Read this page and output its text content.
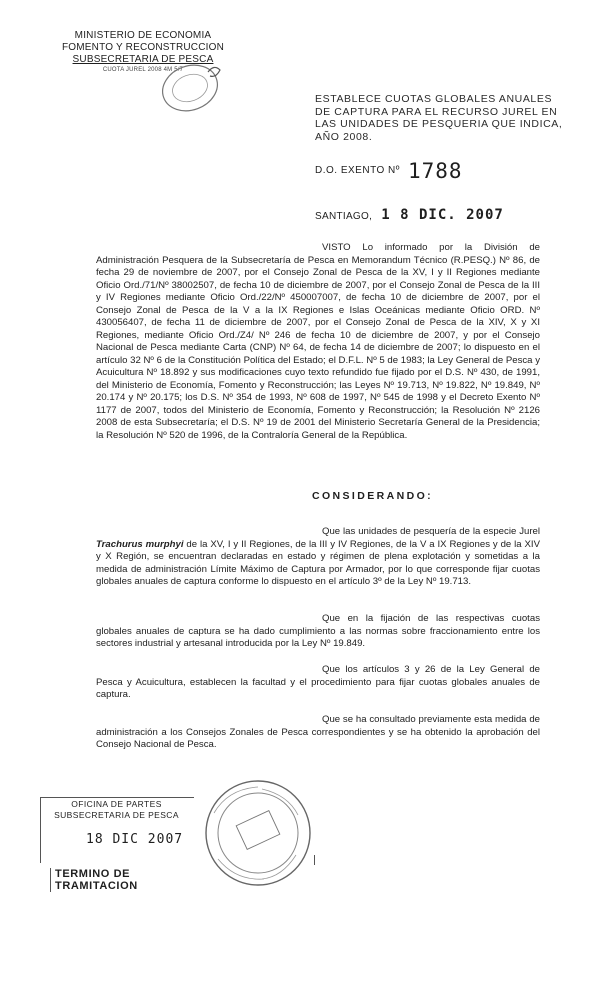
MINISTERIO DE ECONOMIA
FOMENTO Y RECONSTRUCCION
SUBSECRETARIA DE PESCA
CUOTA JUREL 2008 4M 5/7
ESTABLECE CUOTAS GLOBALES ANUALES DE CAPTURA PARA EL RECURSO JUREL EN LAS UNIDADES DE PESQUERIA QUE INDICA, AÑO 2008.
D.O. EXENTO Nº 1788
SANTIAGO, 1 8 DIC. 2007
VISTO Lo informado por la División de Administración Pesquera de la Subsecretaría de Pesca en Memorandum Técnico (R.PESQ.) Nº 86, de fecha 29 de noviembre de 2007, por el Consejo Zonal de Pesca de la XV, I y II Regiones mediante Oficio Ord./71/Nº 38002507, de fecha 10 de diciembre de 2007, por el Consejo Zonal de Pesca de la III y IV Regiones mediante Oficio Ord./22/Nº 450007007, de fecha 10 de diciembre de 2007, por el Consejo Zonal de Pesca de la V a la IX Regiones e Islas Oceánicas mediante Oficio ORD. Nº 430056407, de fecha 11 de diciembre de 2007, por el Consejo Zonal de Pesca de la XIV, X y XI Regiones, mediante Oficio Ord./Z4/ Nº 246 de fecha 10 de diciembre de 2007, y por el Consejo Nacional de Pesca mediante Carta (CNP) Nº 64, de fecha 14 de diciembre de 2007; lo dispuesto en el artículo 32 Nº 6 de la Constitución Política del Estado; el D.F.L. Nº 5 de 1983; la Ley General de Pesca y Acuicultura Nº 18.892 y sus modificaciones cuyo texto refundido fue fijado por el D.S. Nº 430, de 1991, del Ministerio de Economía, Fomento y Reconstrucción; las Leyes Nº 19.713, Nº 19.822, Nº 19.849, Nº 20.174 y Nº 20.175; los D.S. Nº 354 de 1993, Nº 608 de 1997, Nº 545 de 1998 y el Decreto Exento Nº 1177 de 2007, todos del Ministerio de Economía, Fomento y Reconstrucción; la Resolución Nº 2126 2008 de esta Subsecretaría; el D.S. Nº 19 de 2001 del Ministerio Secretaría General de la Presidencia; la Resolución Nº 520 de 1996, de la Contraloría General de la República.
CONSIDERANDO:
Que las unidades de pesquería de la especie Jurel Trachurus murphyi de la XV, I y II Regiones, de la III y IV Regiones, de la V a IX Regiones y de la XIV y X Región, se encuentran declaradas en estado y régimen de plena explotación y sometidas a la medida de administración Límite Máximo de Captura por Armador, por lo que corresponde fijar cuotas globales anuales de captura conforme lo dispuesto en el artículo 3º de la Ley Nº 19.713.
Que en la fijación de las respectivas cuotas globales anuales de captura se ha dado cumplimiento a las normas sobre fraccionamiento entre los sectores industrial y artesanal introducida por la Ley Nº 19.849.
Que los artículos 3 y 26 de la Ley General de Pesca y Acuicultura, establecen la facultad y el procedimiento para fijar cuotas globales anuales de captura.
Que se ha consultado previamente esta medida de administración a los Consejos Zonales de Pesca correspondientes y se ha obtenido la aprobación del Consejo Nacional de Pesca.
OFICINA DE PARTES
SUBSECRETARIA DE PESCA
18 DIC 2007
TERMINO DE TRAMITACION
